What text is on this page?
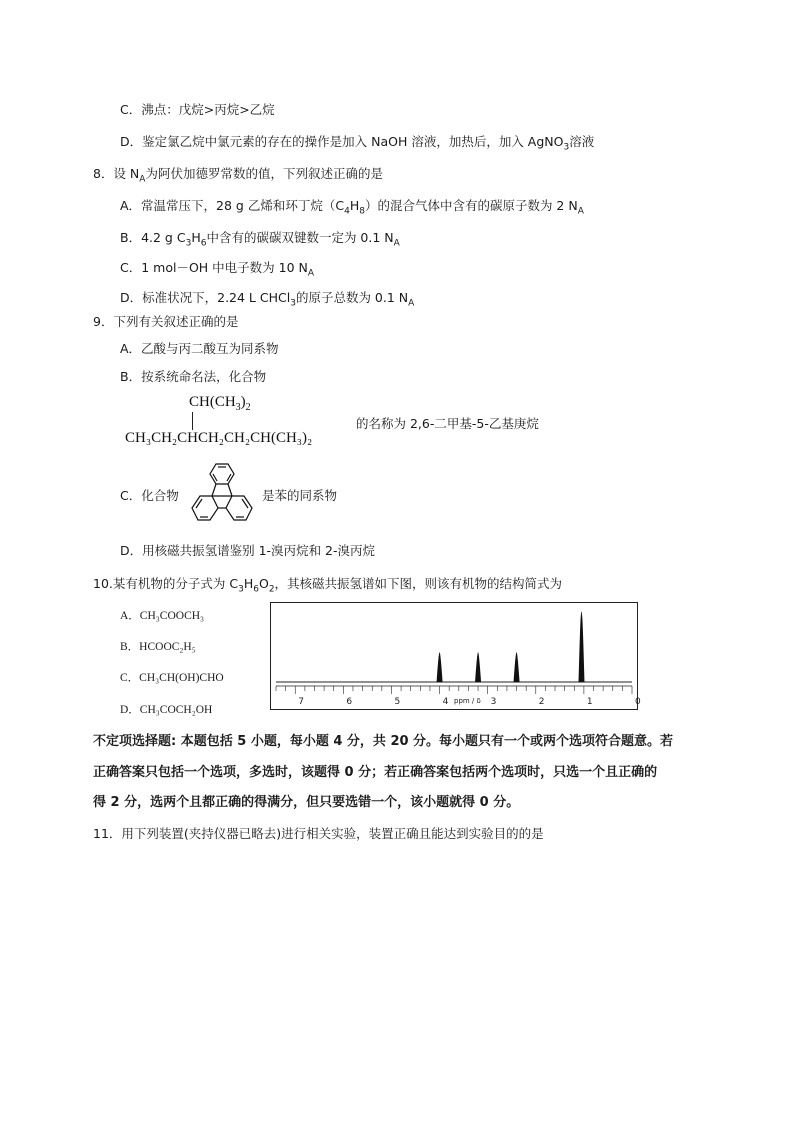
C．沸点：戊烷>丙烷>乙烷
D．鉴定氯乙烷中氯元素的存在的操作是加入 NaOH 溶液，加热后，加入 AgNO$_3$溶液
8．设 $N_A$为阿伏加德罗常数的值，下列叙述正确的是
A．常温常压下，28 g 乙烯和环丁烷$(C_4H_8)$的混合气体中含有的碳原子数为 2 $N_A$
B．4.2 g $C_3H_6$中含有的碳碳双键数一定为 0.1 $N_A$
C．1 mol－OH 中电子数为 10 $N_A$
D．标准状况下，2.24 L CHCl$_3$的原子总数为 0.1 $N_A$
9．下列有关叙述正确的是
A．乙酸与丙二酸互为同系物
B．按系统命名法，化合物
$CH(CH_3)_2$
CH₃CH₂CHCH₂CH₂CH(CH₃)₂
的名称为 2,6-二甲基-5-乙基庚烷
C．化合物	是苯的同系物
D．用核磁共振氢谱鉴别 1-溴丙烷和 2-溴丙烷
10.某有机物的分子式为 $C_3H_6O_2$，其核磁共振氢谱如下图，则该有机物的结构简式为
A．CH₃COOCH₃
B．HCOOC₂H₅
C．CH₃CH(OH)CHO
D．CH₃COCH₂OH
7	6	5	4	3	2	1	0
ppm / δ
不定项选择题: 本题包括 5 小题，每小题 4 分，共 20 分。每小题只有一个或两个选项符合题意。若
正确答案只包括一个选项，多选时，该题得 0 分；若正确答案包括两个选项时，只选一个且正确的
得 2 分，选两个且都正确的得满分，但只要选错一个，该小题就得 0 分。
11．用下列装置(夹持仪器已略去)进行相关实验，装置正确且能达到实验目的的是
